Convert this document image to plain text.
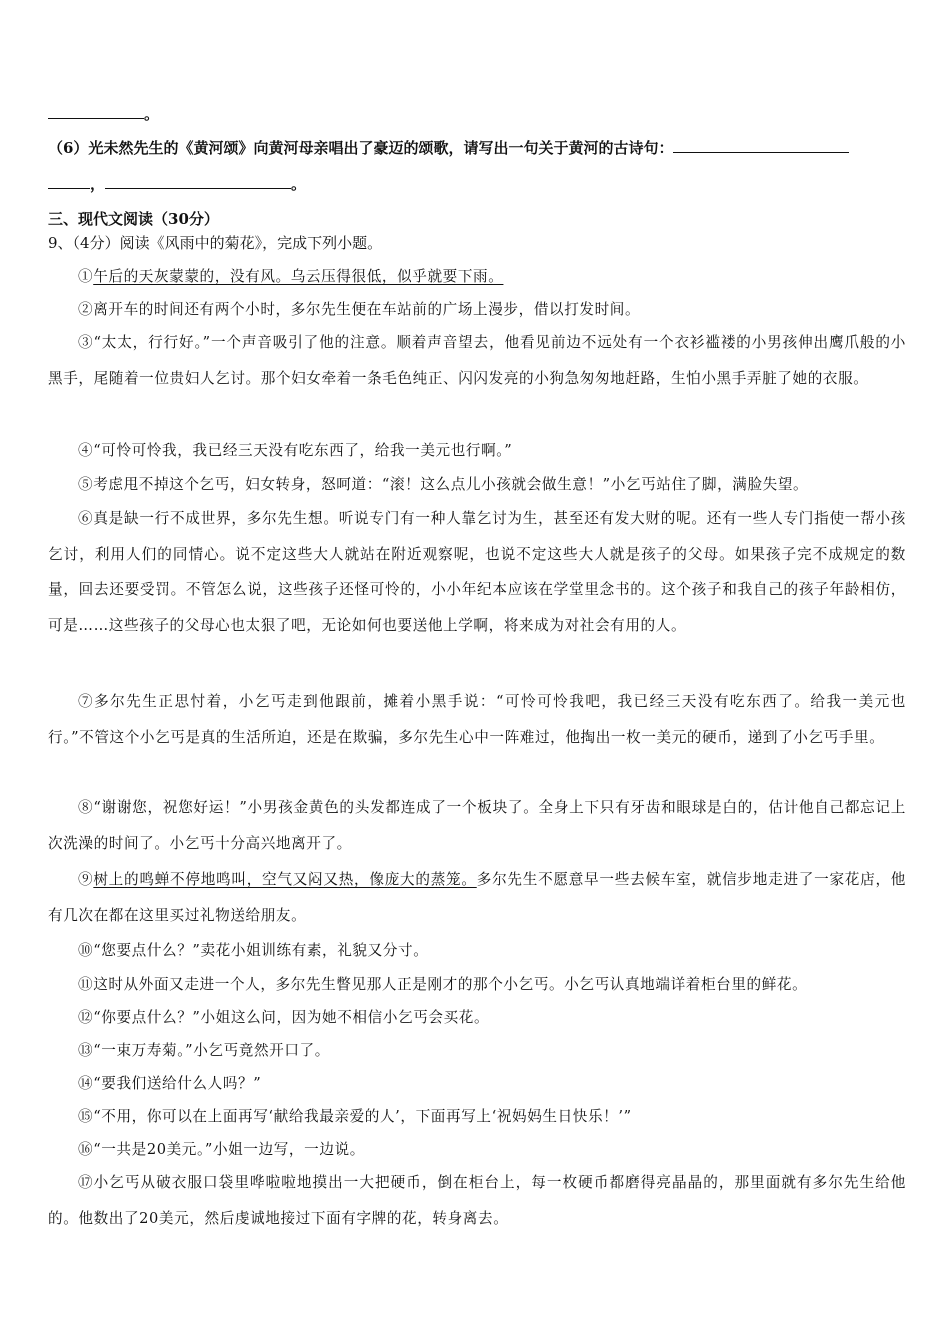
。
（6）光未然先生的《黄河颂》向黄河母亲唱出了豪迈的颂歌，请写出一句关于黄河的古诗句：
，	。
三、现代文阅读（30分）
9、（4分）阅读《风雨中的菊花》，完成下列小题。
①午后的天灰蒙蒙的，没有风。乌云压得很低，似乎就要下雨。
②离开车的时间还有两个小时，多尔先生便在车站前的广场上漫步，借以打发时间。
③“太太，行行好。”一个声音吸引了他的注意。顺着声音望去，他看见前边不远处有一个衣衫褴褛的小男孩伸出鹰爪般的小黑手，尾随着一位贵妇人乞讨。那个妇女牵着一条毛色纯正、闪闪发亮的小狗急匆匆地赶路，生怕小黑手弄脏了她的衣服。
④“可怜可怜我，我已经三天没有吃东西了，给我一美元也行啊。”
⑤考虑甩不掉这个乞丐，妇女转身，怒呵道：“滚！这么点儿小孩就会做生意！”小乞丐站住了脚，满脸失望。
⑥真是缺一行不成世界，多尔先生想。听说专门有一种人靠乞讨为生，甚至还有发大财的呢。还有一些人专门指使一帮小孩乞讨，利用人们的同情心。说不定这些大人就站在附近观察呢，也说不定这些大人就是孩子的父母。如果孩子完不成规定的数量，回去还要受罚。不管怎么说，这些孩子还怪可怜的，小小年纪本应该在学堂里念书的。这个孩子和我自己的孩子年龄相仿，可是……这些孩子的父母心也太狠了吧，无论如何也要送他上学啊，将来成为对社会有用的人。
⑦多尔先生正思忖着，小乞丐走到他跟前，摊着小黑手说：“可怜可怜我吧，我已经三天没有吃东西了。给我一美元也行。”不管这个小乞丐是真的生活所迫，还是在欺骗，多尔先生心中一阵难过，他掏出一枚一美元的硬币，递到了小乞丐手里。
⑧“谢谢您，祝您好运！”小男孩金黄色的头发都连成了一个板块了。全身上下只有牙齿和眼球是白的，估计他自己都忘记上次洗澡的时间了。小乞丐十分高兴地离开了。
⑨树上的鸣蝉不停地鸣叫，空气又闷又热，像庞大的蒸笼。多尔先生不愿意早一些去候车室，就信步地走进了一家花店，他有几次在都在这里买过礼物送给朋友。
⑩“您要点什么？”卖花小姐训练有素，礼貌又分寸。
⑪这时从外面又走进一个人，多尔先生瞥见那人正是刚才的那个小乞丐。小乞丐认真地端详着柜台里的鲜花。
⑫“你要点什么？”小姐这么问，因为她不相信小乞丐会买花。
⑬“一束万寿菊。”小乞丐竟然开口了。
⑭“要我们送给什么人吗？”
⑮“不用，你可以在上面再写‘献给我最亲爱的人’，下面再写上‘祝妈妈生日快乐！’”
⑯“一共是20美元。”小姐一边写，一边说。
⑰小乞丐从破衣服口袋里哗啦啦地摸出一大把硬币，倒在柜台上，每一枚硬币都磨得亮晶晶的，那里面就有多尔先生给他的。他数出了20美元，然后虔诚地接过下面有字牌的花，转身离去。
